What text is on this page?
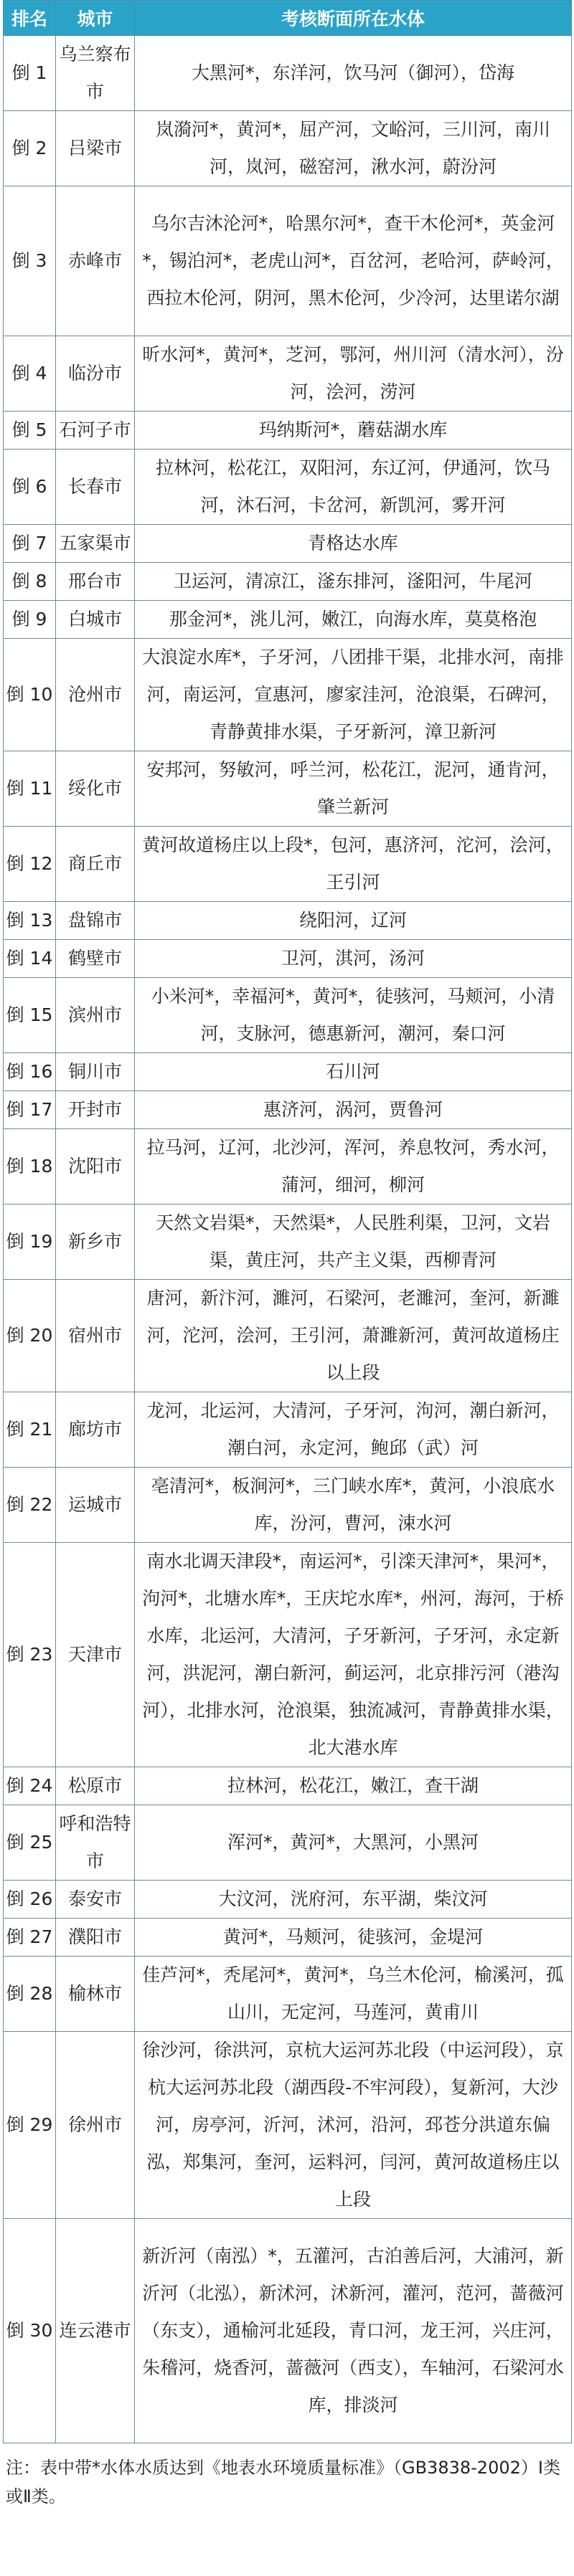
排名	城市	考核断面所在水体
倒 1	乌兰察布市	大黑河*，东洋河，饮马河（御河），岱海
倒 2	吕梁市	岚漪河*，黄河*，屈产河，文峪河，三川河，南川河，岚河，磁窑河，湫水河，蔚汾河
倒 3	赤峰市	乌尔吉沐沦河*，哈黑尔河*，查干木伦河*，英金河*，锡泊河*，老虎山河*，百岔河，老哈河，萨岭河，西拉木伦河，阴河，黑木伦河，少冷河，达里诺尔湖
倒 4	临汾市	昕水河*，黄河*，芝河，鄂河，州川河（清水河），汾河，浍河，涝河
倒 5	石河子市	玛纳斯河*，蘑菇湖水库
倒 6	长春市	拉林河，松花江，双阳河，东辽河，伊通河，饮马河，沐石河，卡岔河，新凯河，雾开河
倒 7	五家渠市	青格达水库
倒 8	邢台市	卫运河，清凉江，滏东排河，滏阳河，牛尾河
倒 9	白城市	那金河*，洮儿河，嫩江，向海水库，莫莫格泡
倒 10	沧州市	大浪淀水库*，子牙河，八团排干渠，北排水河，南排河，南运河，宣惠河，廖家洼河，沧浪渠，石碑河，青静黄排水渠，子牙新河，漳卫新河
倒 11	绥化市	安邦河，努敏河，呼兰河，松花江，泥河，通肯河，肇兰新河
倒 12	商丘市	黄河故道杨庄以上段*，包河，惠济河，沱河，浍河，王引河
倒 13	盘锦市	绕阳河，辽河
倒 14	鹤壁市	卫河，淇河，汤河
倒 15	滨州市	小米河*，幸福河*，黄河*，徒骇河，马颊河，小清河，支脉河，德惠新河，潮河，秦口河
倒 16	铜川市	石川河
倒 17	开封市	惠济河，涡河，贾鲁河
倒 18	沈阳市	拉马河，辽河，北沙河，浑河，养息牧河，秀水河，蒲河，细河，柳河
倒 19	新乡市	天然文岩渠*，天然渠*，人民胜利渠，卫河，文岩渠，黄庄河，共产主义渠，西柳青河
倒 20	宿州市	唐河，新汴河，濉河，石梁河，老濉河，奎河，新濉河，沱河，浍河，王引河，萧濉新河，黄河故道杨庄以上段
倒 21	廊坊市	龙河，北运河，大清河，子牙河，泃河，潮白新河，潮白河，永定河，鲍邱（武）河
倒 22	运城市	亳清河*，板涧河*，三门峡水库*，黄河，小浪底水库，汾河，曹河，涑水河
倒 23	天津市	南水北调天津段*，南运河*，引滦天津河*，果河*，泃河*，北塘水库*，王庆坨水库*，州河，海河，于桥水库，北运河，大清河，子牙新河，子牙河，永定新河，洪泥河，潮白新河，蓟运河，北京排污河（港沟河），北排水河，沧浪渠，独流减河，青静黄排水渠，北大港水库
倒 24	松原市	拉林河，松花江，嫩江，查干湖
倒 25	呼和浩特市	浑河*，黄河*，大黑河，小黑河
倒 26	泰安市	大汶河，洸府河，东平湖，柴汶河
倒 27	濮阳市	黄河*，马颊河，徒骇河，金堤河
倒 28	榆林市	佳芦河*，秃尾河*，黄河*，乌兰木伦河，榆溪河，孤山川，无定河，马莲河，黄甫川
倒 29	徐州市	徐沙河，徐洪河，京杭大运河苏北段（中运河段），京杭大运河苏北段（湖西段-不牢河段），复新河，大沙河，房亭河，沂河，沭河，沿河，邳苍分洪道东偏泓，郑集河，奎河，运料河，闫河，黄河故道杨庄以上段
倒 30	连云港市	新沂河（南泓）*，五灌河，古泊善后河，大浦河，新沂河（北泓），新沭河，沭新河，灌河，范河，蔷薇河（东支），通榆河北延段，青口河，龙王河，兴庄河，朱稽河，烧香河，蔷薇河（西支），车轴河，石梁河水库，排淡河
注：表中带*水体水质达到《地表水环境质量标准》（GB3838-2002）Ⅰ类或Ⅱ类。
